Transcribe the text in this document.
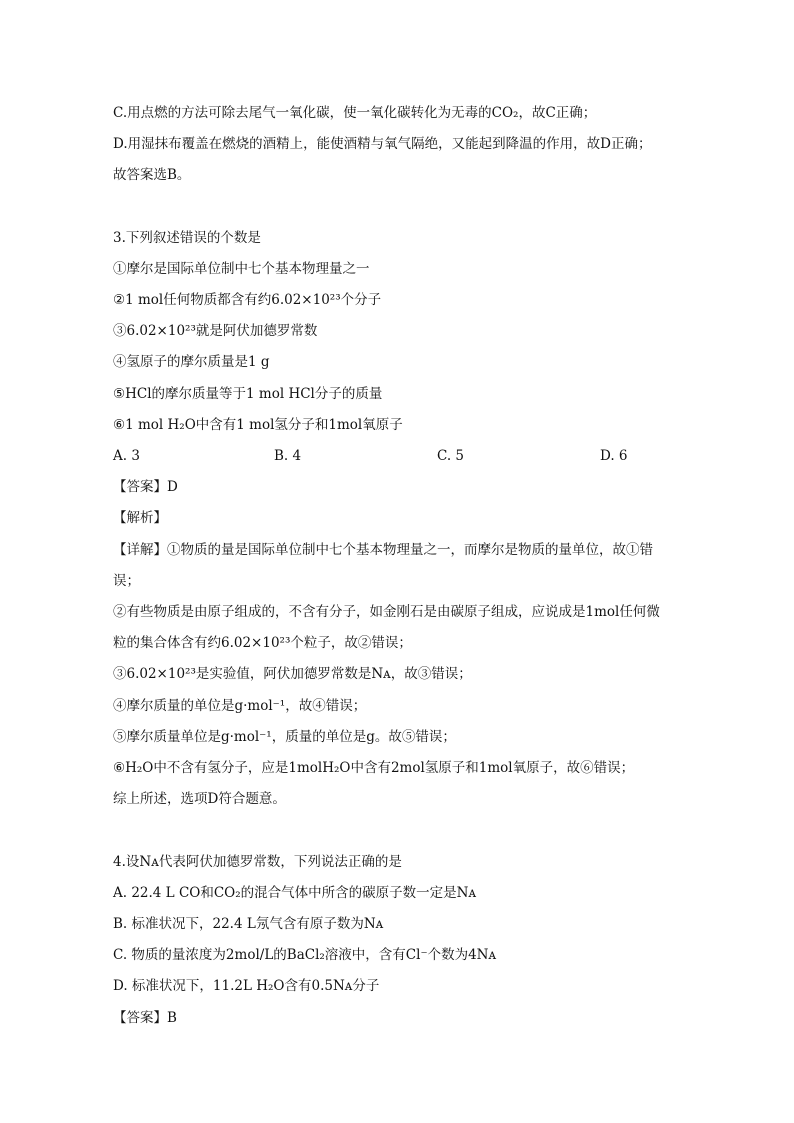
C.用点燃的方法可除去尾气一氧化碳，使一氧化碳转化为无毒的CO₂，故C正确；
D.用湿抹布覆盖在燃烧的酒精上，能使酒精与氧气隔绝，又能起到降温的作用，故D正确；
故答案选B。
3.下列叙述错误的个数是
①摩尔是国际单位制中七个基本物理量之一
②1 mol任何物质都含有约6.02×10²³个分子
③6.02×10²³就是阿伏加德罗常数
④氢原子的摩尔质量是1 g
⑤HCl的摩尔质量等于1 mol HCl分子的质量
⑥1 mol H₂O中含有1 mol氢分子和1mol氧原子
A. 3	B. 4	C. 5	D. 6
【答案】D
【解析】
【详解】①物质的量是国际单位制中七个基本物理量之一，而摩尔是物质的量单位，故①错
误；
②有些物质是由原子组成的，不含有分子，如金刚石是由碳原子组成，应说成是1mol任何微
粒的集合体含有约6.02×10²³个粒子，故②错误；
③6.02×10²³是实验值，阿伏加德罗常数是Nᴀ，故③错误；
④摩尔质量的单位是g·mol⁻¹，故④错误；
⑤摩尔质量单位是g·mol⁻¹，质量的单位是g。故⑤错误；
⑥H₂O中不含有氢分子，应是1molH₂O中含有2mol氢原子和1mol氧原子，故⑥错误；
综上所述，选项D符合题意。
4.设Nᴀ代表阿伏加德罗常数，下列说法正确的是
A. 22.4 L CO和CO₂的混合气体中所含的碳原子数一定是Nᴀ
B. 标准状况下，22.4 L氖气含有原子数为Nᴀ
C. 物质的量浓度为2mol/L的BaCl₂溶液中，含有Cl⁻个数为4Nᴀ
D. 标准状况下，11.2L H₂O含有0.5Nᴀ分子
【答案】B
